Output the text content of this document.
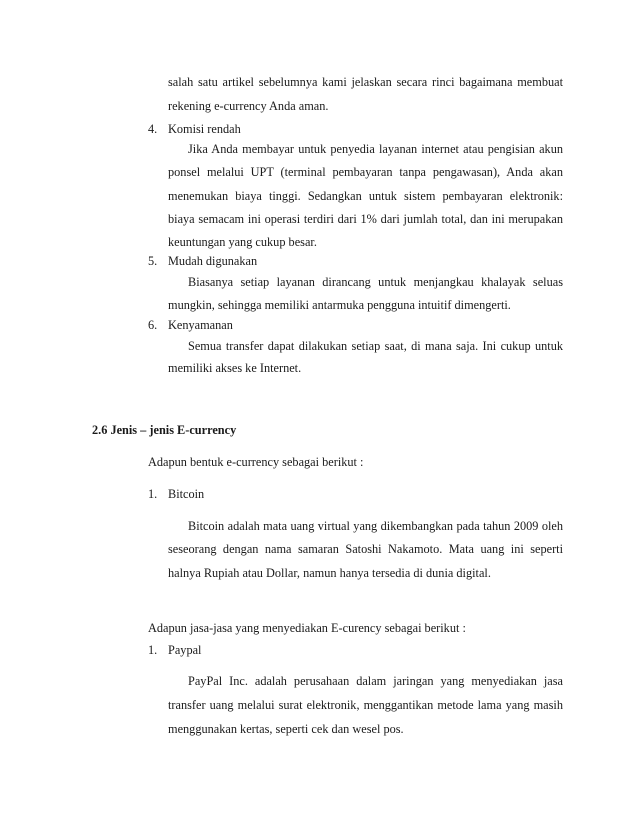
salah satu artikel sebelumnya kami jelaskan secara rinci bagaimana membuat
rekening e-currency Anda aman.
4. Komisi rendah
Jika Anda membayar untuk penyedia layanan internet atau pengisian akun
ponsel melalui UPT (terminal pembayaran tanpa pengawasan), Anda akan
menemukan biaya tinggi. Sedangkan untuk sistem pembayaran elektronik:
biaya semacam ini operasi terdiri dari 1% dari jumlah total, dan ini merupakan
keuntungan yang cukup besar.
5. Mudah digunakan
Biasanya setiap layanan dirancang untuk menjangkau khalayak seluas
mungkin, sehingga memiliki antarmuka pengguna intuitif dimengerti.
6. Kenyamanan
Semua transfer dapat dilakukan setiap saat, di mana saja. Ini cukup untuk
memiliki akses ke Internet.
2.6 Jenis – jenis E-currency
Adapun bentuk e-currency sebagai berikut :
1. Bitcoin
Bitcoin adalah mata uang virtual yang dikembangkan pada tahun 2009 oleh
seseorang dengan nama samaran Satoshi Nakamoto. Mata uang ini seperti
halnya Rupiah atau Dollar, namun hanya tersedia di dunia digital.
Adapun jasa-jasa yang menyediakan E-curency sebagai berikut :
1. Paypal
PayPal Inc. adalah perusahaan dalam jaringan yang menyediakan jasa
transfer uang melalui surat elektronik, menggantikan metode lama yang masih
menggunakan kertas, seperti cek dan wesel pos.
